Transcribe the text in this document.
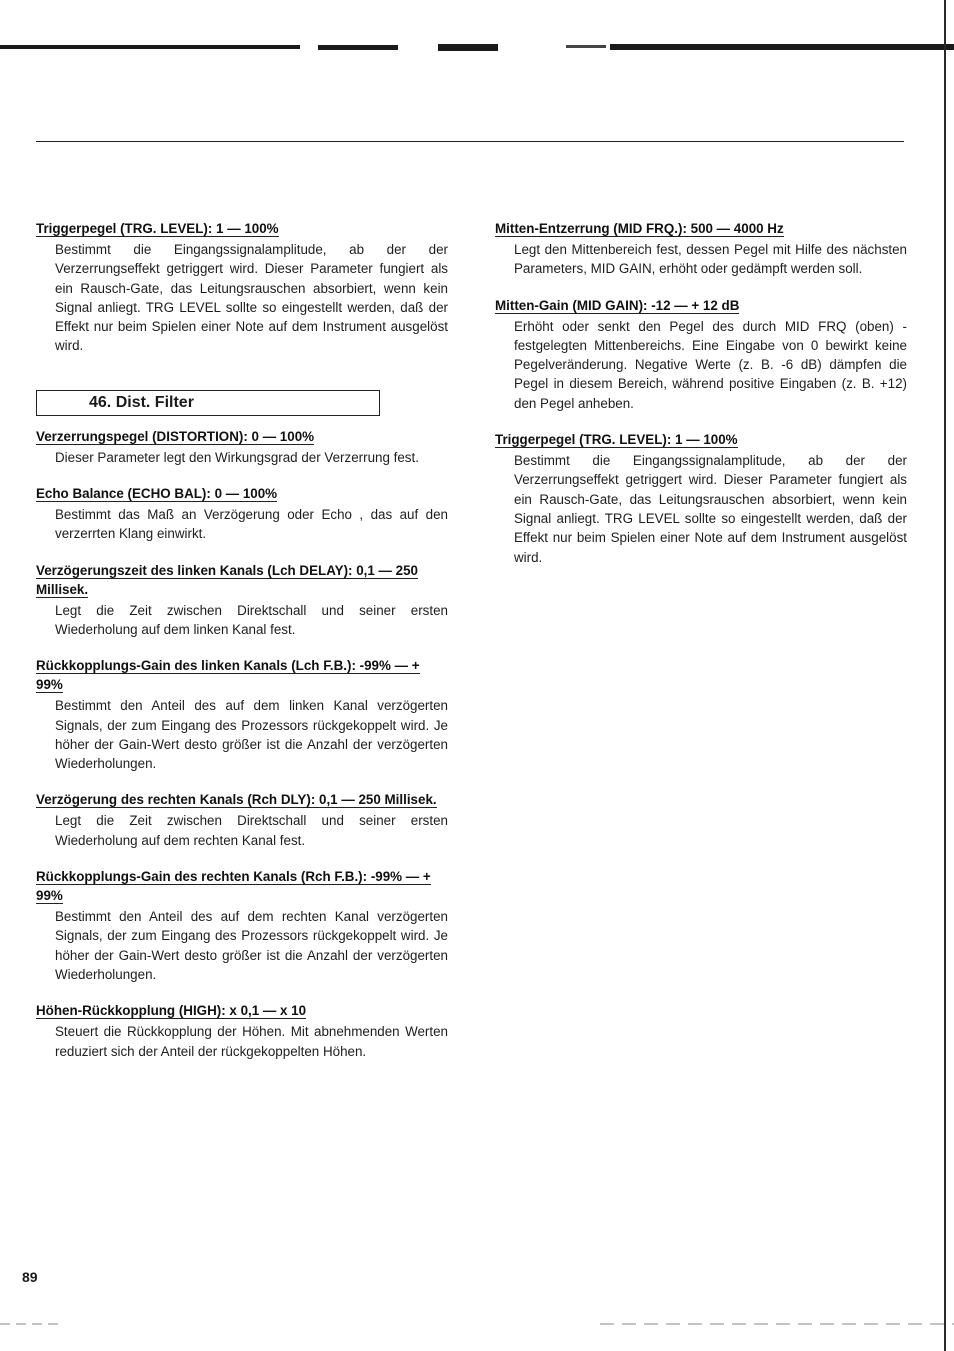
Triggerpegel (TRG. LEVEL): 1 — 100%

Bestimmt die Eingangssignalamplitude, ab der der Verzerrungseffekt getriggert wird. Dieser Parameter fungiert als ein Rausch-Gate, das Leitungsrauschen absorbiert, wenn kein Signal anliegt. TRG LEVEL sollte so eingestellt werden, daß der Effekt nur beim Spielen einer Note auf dem Instrument ausgelöst wird.

46. Dist. Filter
Verzerrungspegel (DISTORTION): 0 — 100%

Dieser Parameter legt den Wirkungsgrad der Verzerrung fest.

Echo Balance (ECHO BAL): 0 — 100%

Bestimmt das Maß an Verzögerung oder Echo , das auf den verzerrten Klang einwirkt.

Verzögerungszeit des linken Kanals (Lch DELAY): 0,1 — 250 Millisek.

Legt die Zeit zwischen Direktschall und seiner ersten Wiederholung auf dem linken Kanal fest.

Rückkopplungs-Gain des linken Kanals (Lch F.B.): -99% — + 99%

Bestimmt den Anteil des auf dem linken Kanal verzögerten Signals, der zum Eingang des Prozessors rückgekoppelt wird. Je höher der Gain-Wert desto größer ist die Anzahl der verzögerten Wiederholungen.

Verzögerung des rechten Kanals (Rch DLY): 0,1 — 250 Millisek.

Legt die Zeit zwischen Direktschall und seiner ersten Wiederholung auf dem rechten Kanal fest.

Rückkopplungs-Gain des rechten Kanals (Rch F.B.): -99% — + 99%

Bestimmt den Anteil des auf dem rechten Kanal verzögerten Signals, der zum Eingang des Prozessors rückgekoppelt wird. Je höher der Gain-Wert desto größer ist die Anzahl der verzögerten Wiederholungen.

Höhen-Rückkopplung (HIGH): x 0,1 — x 10

Steuert die Rückkopplung der Höhen. Mit abnehmenden Werten reduziert sich der Anteil der rückgekoppelten Höhen.

Mitten-Entzerrung (MID FRQ.): 500 — 4000 Hz

Legt den Mittenbereich fest, dessen Pegel mit Hilfe des nächsten Parameters, MID GAIN, erhöht oder gedämpft werden soll.

Mitten-Gain (MID GAIN): -12 — + 12 dB

Erhöht oder senkt den Pegel des durch MID FRQ (oben) - festgelegten Mittenbereichs. Eine Eingabe von 0 bewirkt keine Pegelveränderung. Negative Werte (z. B. -6 dB) dämpfen die Pegel in diesem Bereich, während positive Eingaben (z. B. +12) den Pegel anheben.

Triggerpegel (TRG. LEVEL): 1 — 100%

Bestimmt die Eingangssignalamplitude, ab der der Verzerrungseffekt getriggert wird. Dieser Parameter fungiert als ein Rausch-Gate, das Leitungsrauschen absorbiert, wenn kein Signal anliegt. TRG LEVEL sollte so eingestellt werden, daß der Effekt nur beim Spielen einer Note auf dem Instrument ausgelöst wird.

89
